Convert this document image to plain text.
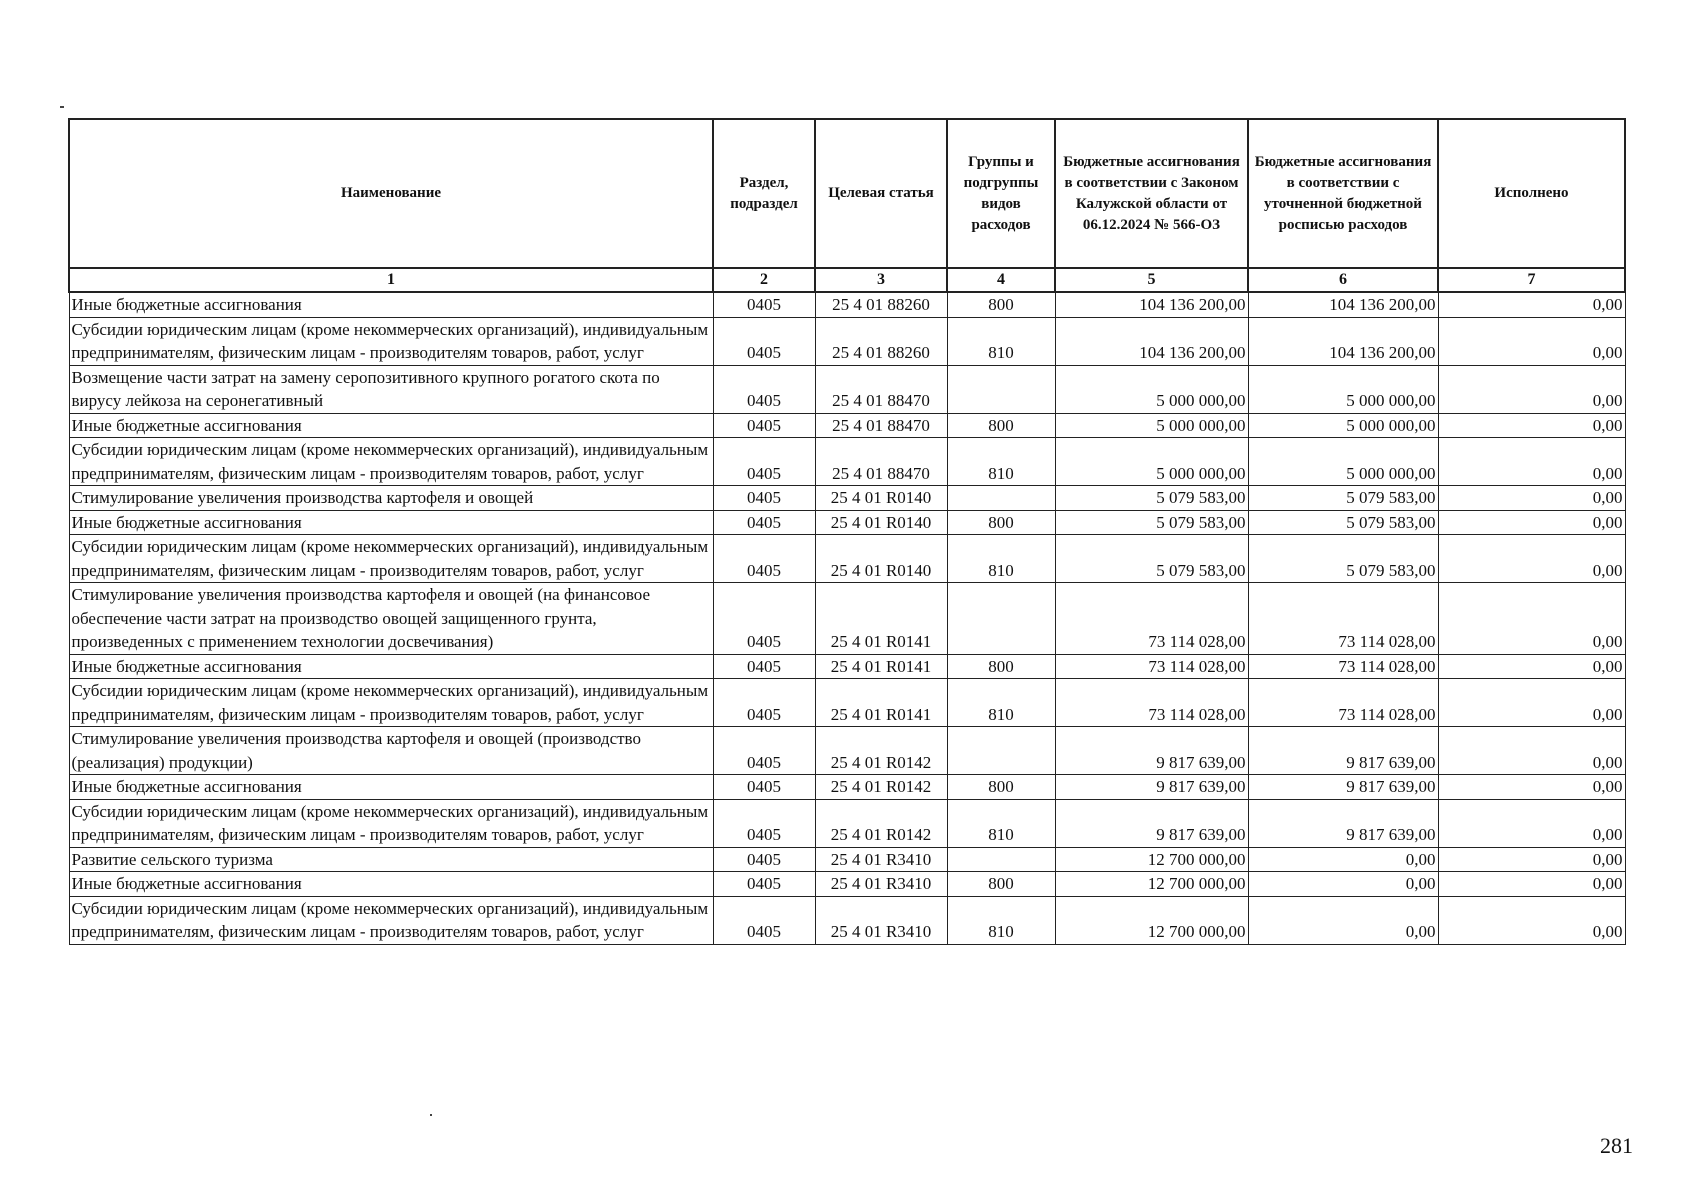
Наименование	Раздел, подраздел	Целевая статья	Группы и подгруппы видов расходов	Бюджетные ассигнования в соответствии с Законом Калужской области от 06.12.2024 № 566-ОЗ	Бюджетные ассигнования в соответствии с уточненной бюджетной росписью расходов	Исполнено
1	2	3	4	5	6	7
Иные бюджетные ассигнования	0405	25 4 01 88260	800	104 136 200,00	104 136 200,00	0,00
Субсидии юридическим лицам (кроме некоммерческих организаций), индивидуальным предпринимателям, физическим лицам - производителям товаров, работ, услуг	0405	25 4 01 88260	810	104 136 200,00	104 136 200,00	0,00
Возмещение части затрат на замену серопозитивного крупного рогатого скота по вирусу лейкоза на серонегативный	0405	25 4 01 88470		5 000 000,00	5 000 000,00	0,00
Иные бюджетные ассигнования	0405	25 4 01 88470	800	5 000 000,00	5 000 000,00	0,00
Субсидии юридическим лицам (кроме некоммерческих организаций), индивидуальным предпринимателям, физическим лицам - производителям товаров, работ, услуг	0405	25 4 01 88470	810	5 000 000,00	5 000 000,00	0,00
Стимулирование увеличения производства картофеля и овощей	0405	25 4 01 R0140		5 079 583,00	5 079 583,00	0,00
Иные бюджетные ассигнования	0405	25 4 01 R0140	800	5 079 583,00	5 079 583,00	0,00
Субсидии юридическим лицам (кроме некоммерческих организаций), индивидуальным предпринимателям, физическим лицам - производителям товаров, работ, услуг	0405	25 4 01 R0140	810	5 079 583,00	5 079 583,00	0,00
Стимулирование увеличения производства картофеля и овощей (на финансовое обеспечение части затрат на производство овощей защищенного грунта, произведенных с применением технологии досвечивания)	0405	25 4 01 R0141		73 114 028,00	73 114 028,00	0,00
Иные бюджетные ассигнования	0405	25 4 01 R0141	800	73 114 028,00	73 114 028,00	0,00
Субсидии юридическим лицам (кроме некоммерческих организаций), индивидуальным предпринимателям, физическим лицам - производителям товаров, работ, услуг	0405	25 4 01 R0141	810	73 114 028,00	73 114 028,00	0,00
Стимулирование увеличения производства картофеля и овощей (производство (реализация) продукции)	0405	25 4 01 R0142		9 817 639,00	9 817 639,00	0,00
Иные бюджетные ассигнования	0405	25 4 01 R0142	800	9 817 639,00	9 817 639,00	0,00
Субсидии юридическим лицам (кроме некоммерческих организаций), индивидуальным предпринимателям, физическим лицам - производителям товаров, работ, услуг	0405	25 4 01 R0142	810	9 817 639,00	9 817 639,00	0,00
Развитие сельского туризма	0405	25 4 01 R3410		12 700 000,00	0,00	0,00
Иные бюджетные ассигнования	0405	25 4 01 R3410	800	12 700 000,00	0,00	0,00
Субсидии юридическим лицам (кроме некоммерческих организаций), индивидуальным предпринимателям, физическим лицам - производителям товаров, работ, услуг	0405	25 4 01 R3410	810	12 700 000,00	0,00	0,00
281
